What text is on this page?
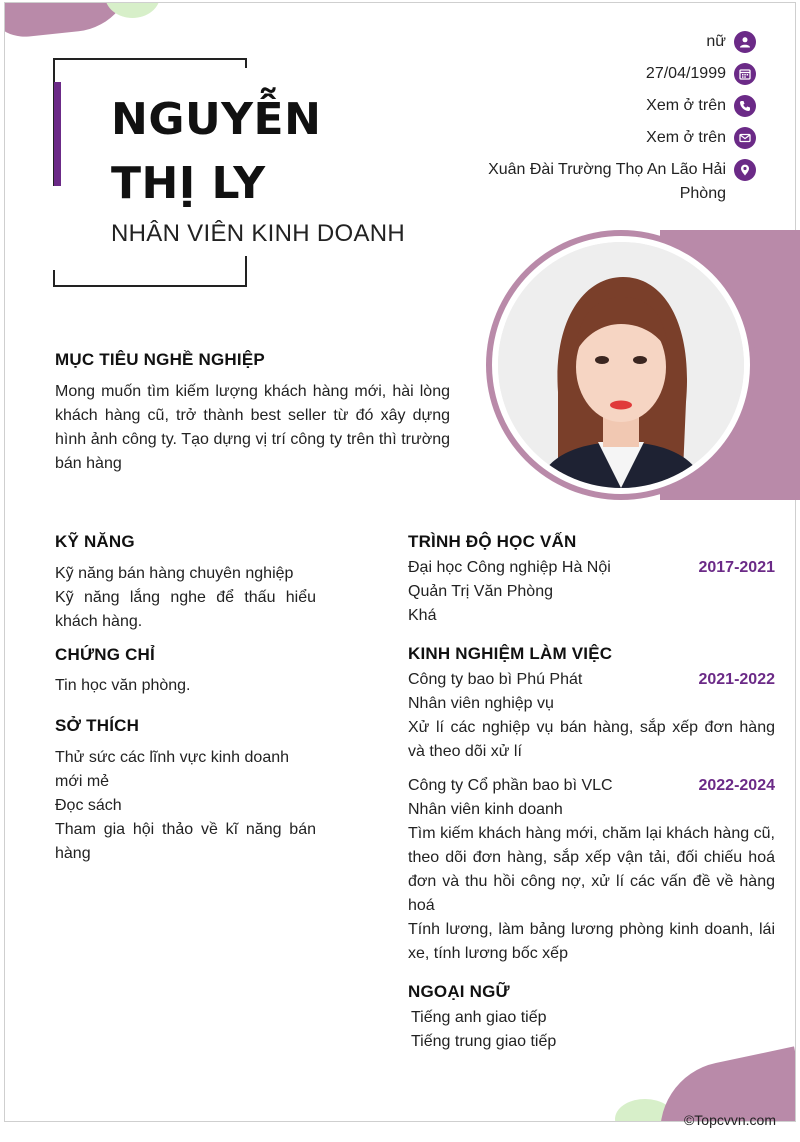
NGUYỄN THỊ LY
NHÂN VIÊN KINH DOANH
nữ
27/04/1999
Xem ở trên
Xem ở trên
Xuân Đài Trường Thọ An Lão Hải Phòng
MỤC TIÊU NGHỀ NGHIỆP
Mong muốn tìm kiếm lượng khách hàng mới, hài lòng khách hàng cũ, trở thành best seller từ đó xây dựng hình ảnh công ty. Tạo dựng vị trí công ty trên thì trường bán hàng
KỸ NĂNG
Kỹ năng bán hàng chuyên nghiệp
Kỹ năng lắng nghe để thấu hiểu khách hàng.
CHỨNG CHỈ
Tin học văn phòng.
SỞ THÍCH
Thử sức các lĩnh vực kinh doanh mới mẻ
Đọc sách
Tham gia hội thảo về kĩ năng bán hàng
TRÌNH ĐỘ HỌC VẤN
Đại học Công nghiệp Hà Nội	2017-2021
Quản Trị Văn Phòng
Khá
KINH NGHIỆM LÀM VIỆC
Công ty bao bì Phú Phát	2021-2022
Nhân viên nghiệp vụ
Xử lí các nghiệp vụ bán hàng, sắp xếp đơn hàng và theo dõi xử lí
Công ty Cổ phần bao bì VLC	2022-2024
Nhân viên kinh doanh
Tìm kiếm khách hàng mới, chăm lại khách hàng cũ, theo dõi đơn hàng, sắp xếp vận tải, đối chiếu hoá đơn và thu hồi công nợ, xử lí các vấn đề về hàng hoá
Tính lương, làm bảng lương phòng kinh doanh, lái xe, tính lương bốc xếp
NGOẠI NGỮ
Tiếng anh giao tiếp
Tiếng trung giao tiếp
©Topcvvn.com
